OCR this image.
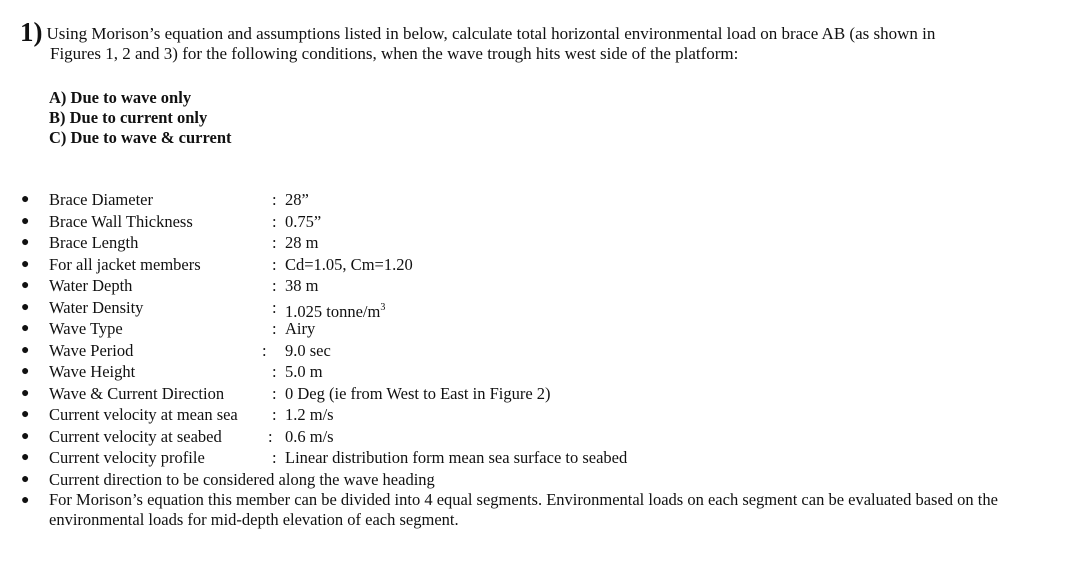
1) Using Morison’s equation and assumptions listed in below, calculate total horizontal environmental load on brace AB (as shown in
Figures 1, 2 and 3) for the following conditions, when the wave trough hits west side of the platform:
A) Due to wave only
B) Due to current only
C) Due to wave & current
● Brace Diameter	: 28”
● Brace Wall Thickness	: 0.75”
● Brace Length	: 28 m
● For all jacket members	: Cd=1.05, Cm=1.20
● Water Depth	: 38 m
● Water Density	: 1.025 tonne/$m^3$
● Wave Type	: Airy
● Wave Period	: 9.0 sec
● Wave Height	: 5.0 m
● Wave & Current Direction	: 0 Deg (ie from West to East in Figure 2)
● Current velocity at mean sea : 1.2 m/s
● Current velocity at seabed	: 0.6 m/s
● Current velocity profile	: Linear distribution form mean sea surface to seabed
● Current direction to be considered along the wave heading
● For Morison’s equation this member can be divided into 4 equal segments. Environmental loads on each segment can be evaluated based on the environmental loads for mid-depth elevation of each segment.
